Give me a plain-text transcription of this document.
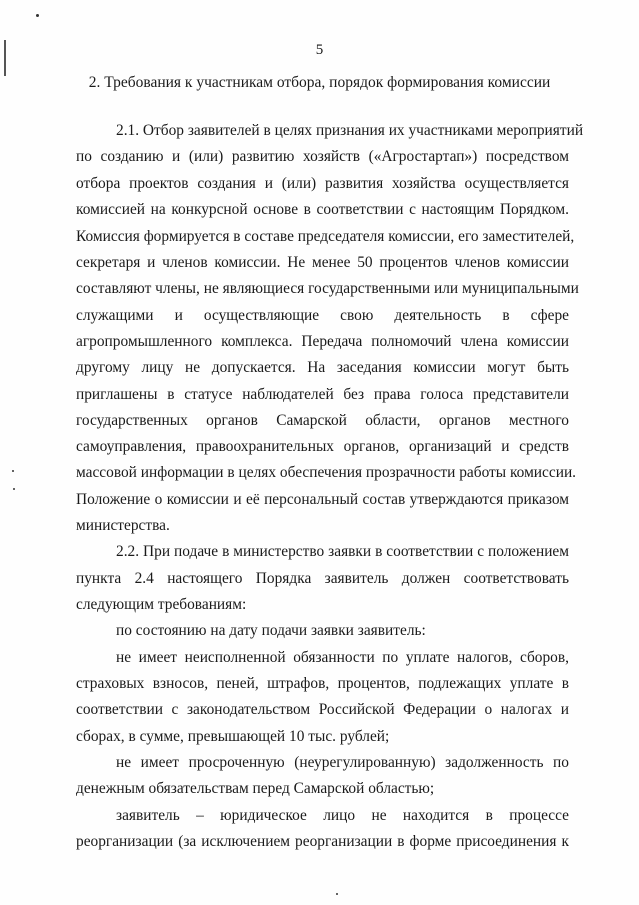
5
2. Требования к участникам отбора, порядок формирования комиссии
2.1. Отбор заявителей в целях признания их участниками мероприятий
по созданию и (или) развитию хозяйств («Агростартап») посредством
отбора проектов создания и (или) развития хозяйства осуществляется
комиссией на конкурсной основе в соответствии с настоящим Порядком.
Комиссия формируется в составе председателя комиссии, его заместителей,
секретаря и членов комиссии. Не менее 50 процентов членов комиссии
составляют члены, не являющиеся государственными или муниципальными
служащими и осуществляющие свою деятельность в сфере
агропромышленного комплекса. Передача полномочий члена комиссии
другому лицу не допускается. На заседания комиссии могут быть
приглашены в статусе наблюдателей без права голоса представители
государственных органов Самарской области, органов местного
самоуправления, правоохранительных органов, организаций и средств
массовой информации в целях обеспечения прозрачности работы комиссии.
Положение о комиссии и её персональный состав утверждаются приказом
министерства.
2.2. При подаче в министерство заявки в соответствии с положением
пункта 2.4 настоящего Порядка заявитель должен соответствовать
следующим требованиям:
по состоянию на дату подачи заявки заявитель:
не имеет неисполненной обязанности по уплате налогов, сборов,
страховых взносов, пеней, штрафов, процентов, подлежащих уплате в
соответствии с законодательством Российской Федерации о налогах и
сборах, в сумме, превышающей 10 тыс. рублей;
не имеет просроченную (неурегулированную) задолженность по
денежным обязательствам перед Самарской областью;
заявитель – юридическое лицо не находится в процессе
реорганизации (за исключением реорганизации в форме присоединения к
